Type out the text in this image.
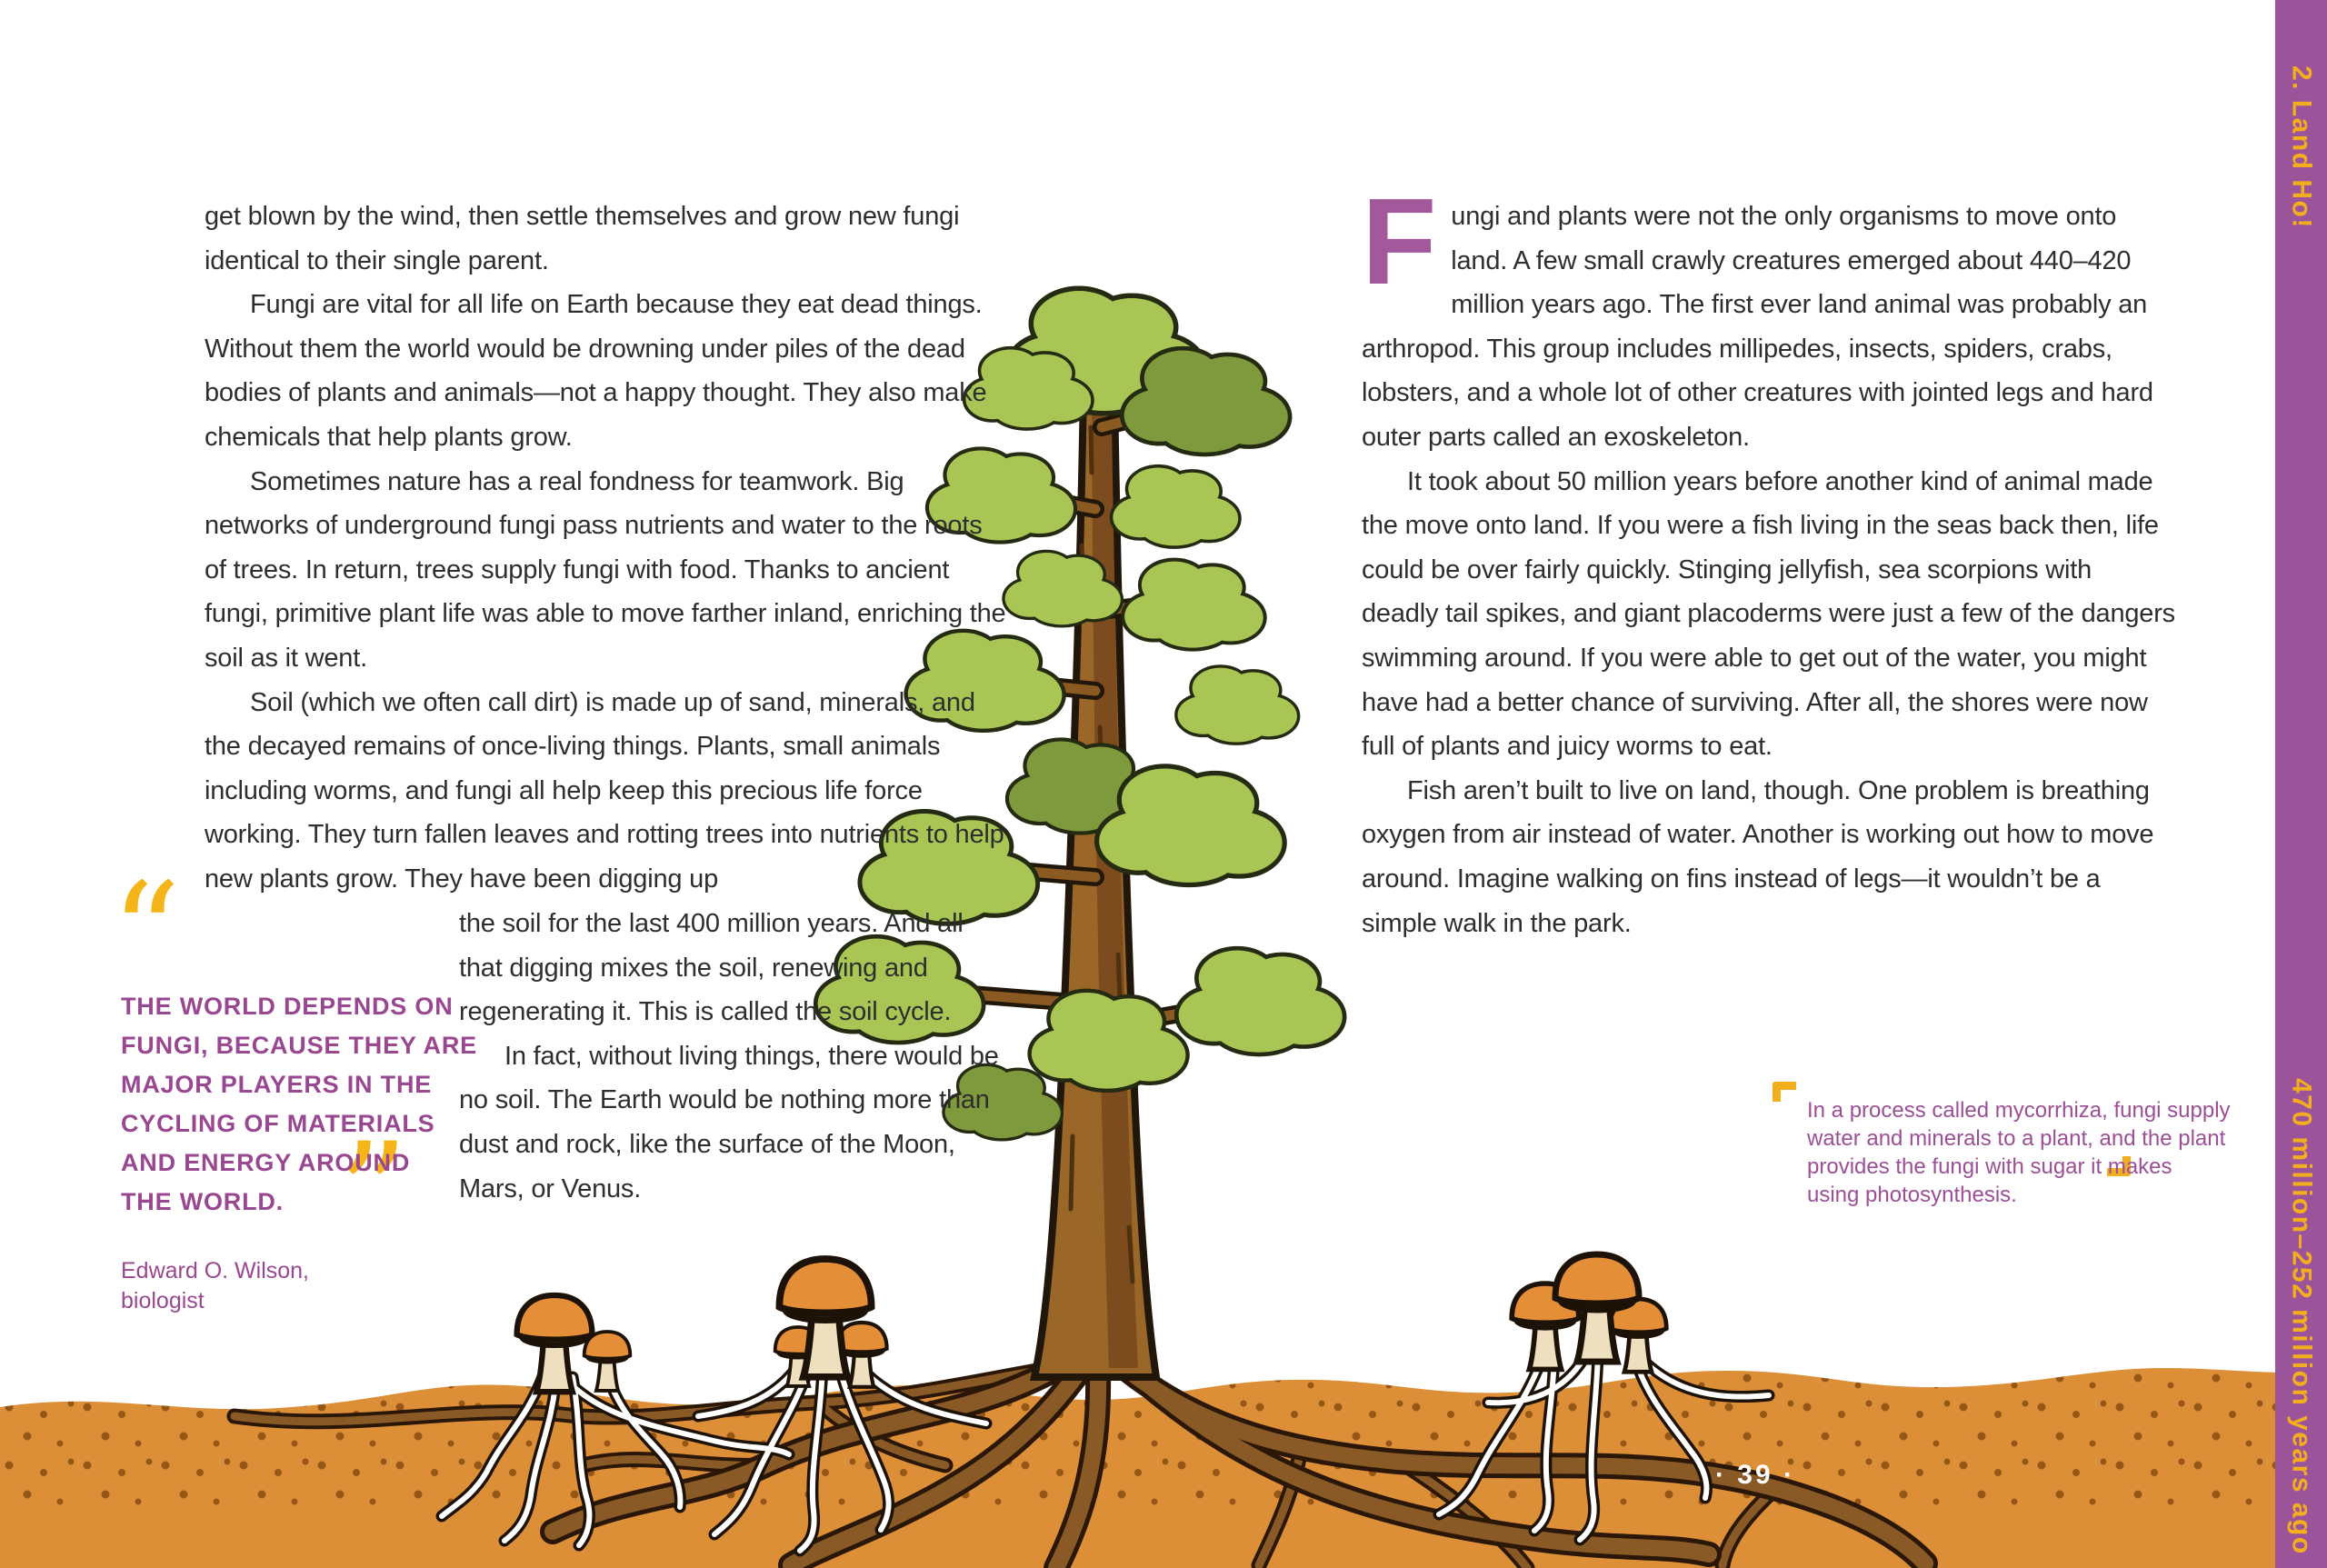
get blown by the wind, then settle themselves and grow new fungi identical to their single parent.

Fungi are vital for all life on Earth because they eat dead things. Without them the world would be drowning under piles of the dead bodies of plants and animals—not a happy thought. They also make chemicals that help plants grow.

Sometimes nature has a real fondness for teamwork. Big networks of underground fungi pass nutrients and water to the roots of trees. In return, trees supply fungi with food. Thanks to ancient fungi, primitive plant life was able to move farther inland, enriching the soil as it went.

Soil (which we often call dirt) is made up of sand, minerals, and the decayed remains of once-living things. Plants, small animals including worms, and fungi all help keep this precious life force working. They turn fallen leaves and rotting trees into nutrients to help new plants grow. They have been digging up

the soil for the last 400 million years. And all that digging mixes the soil, renewing and regenerating it. This is called the soil cycle.

In fact, without living things, there would be no soil. The Earth would be nothing more than dust and rock, like the surface of the Moon, Mars, or Venus.

“
THE WORLD DEPENDS ON
FUNGI, BECAUSE THEY ARE
MAJOR PLAYERS IN THE
CYCLING OF MATERIALS
AND ENERGY AROUND
THE WORLD. ”
Edward O. Wilson,
biologist

Fungi and plants were not the only organisms to move onto land. A few small crawly creatures emerged about 440–420 million years ago. The first ever land animal was probably an arthropod. This group includes millipedes, insects, spiders, crabs, lobsters, and a whole lot of other creatures with jointed legs and hard outer parts called an exoskeleton.

It took about 50 million years before another kind of animal made the move onto land. If you were a fish living in the seas back then, life could be over fairly quickly. Stinging jellyfish, sea scorpions with deadly tail spikes, and giant placoderms were just a few of the dangers swimming around. If you were able to get out of the water, you might have had a better chance of surviving. After all, the shores were now full of plants and juicy worms to eat.

Fish aren’t built to live on land, though. One problem is breathing oxygen from air instead of water. Another is working out how to move around. Imagine walking on fins instead of legs—it wouldn’t be a simple walk in the park.

In a process called mycorrhiza, fungi supply
water and minerals to a plant, and the plant
provides the fungi with sugar it makes
using photosynthesis.
2. Land Ho!
470 million–252 million years ago
· 39 ·
